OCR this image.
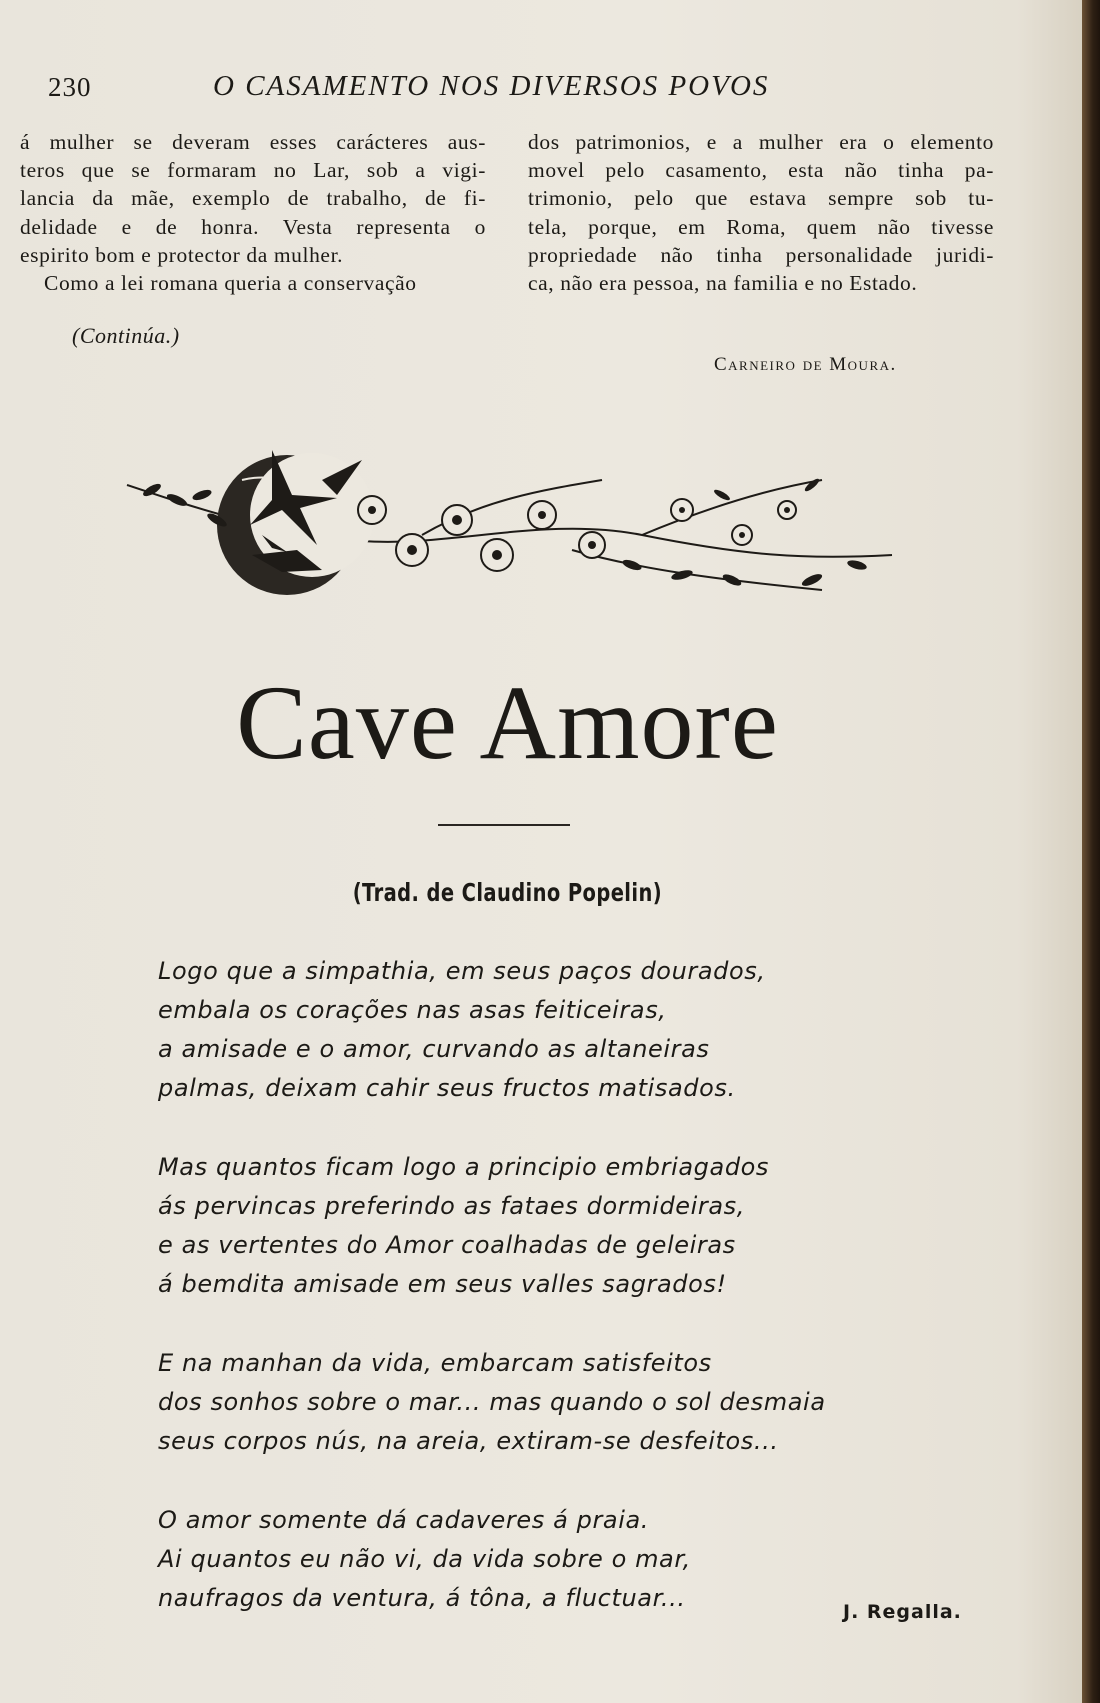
230	O CASAMENTO NOS DIVERSOS POVOS

á mulher se deveram esses carácteres aus-
teros que se formaram no Lar, sob a vigi-
lancia da mãe, exemplo de trabalho, de fi-
delidade e de honra. Vesta representa o
espirito bom e protector da mulher.

Como a lei romana queria a conservação

dos patrimonios, e a mulher era o elemento
movel pelo casamento, esta não tinha pa-
trimonio, pelo que estava sempre sob tu-
tela, porque, em Roma, quem não tivesse
propriedade não tinha personalidade juridi-
ca, não era pessoa, na familia e no Estado.
(Continúa.)
Carneiro de Moura.
Cave Amore
(Trad. de Claudino Popelin)
Logo que a simpathia, em seus paços dourados,
embala os corações nas asas feiticeiras,
a amisade e o amor, curvando as altaneiras
palmas, deixam cahir seus fructos matisados.
Mas quantos ficam logo a principio embriagados
ás pervincas preferindo as fataes dormideiras,
e as vertentes do Amor coalhadas de geleiras
á bemdita amisade em seus valles sagrados!
E na manhan da vida, embarcam satisfeitos
dos sonhos sobre o mar... mas quando o sol desmaia
seus corpos nús, na areia, extiram-se desfeitos...
O amor somente dá cadaveres á praia.
Ai quantos eu não vi, da vida sobre o mar,
naufragos da ventura, á tôna, a fluctuar...	J. Regalla.
